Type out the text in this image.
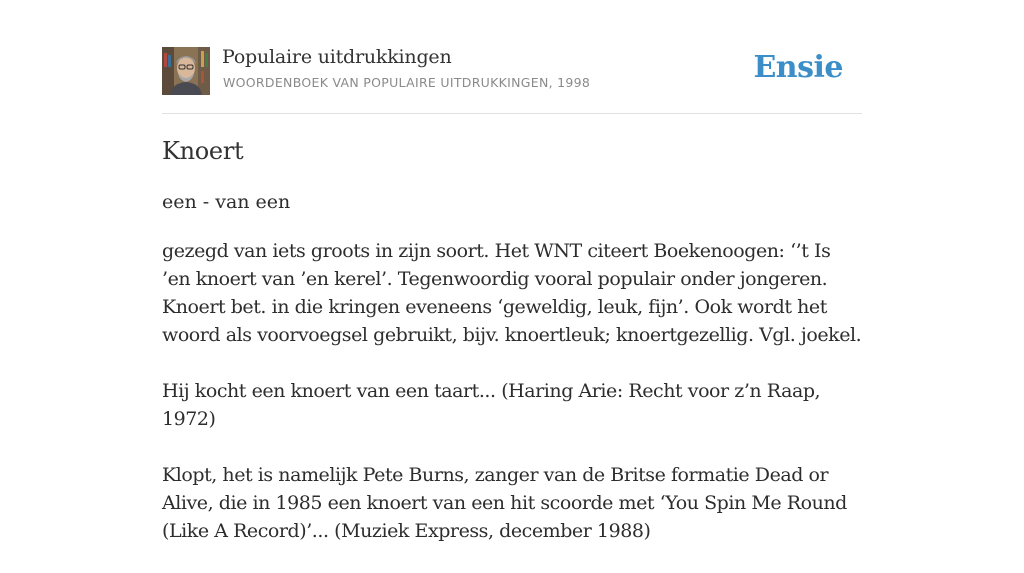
Populaire uitdrukkingen
WOORDENBOEK VAN POPULAIRE UITDRUKKINGEN, 1998	Ensie
Knoert
een - van een

gezegd van iets groots in zijn soort. Het WNT citeert Boekenoogen: ‘’t Is ’en knoert van ’en kerel’. Tegenwoordig vooral populair onder jongeren. Knoert bet. in die kringen eveneens ‘geweldig, leuk, fijn’. Ook wordt het woord als voorvoegsel gebruikt, bijv. knoertleuk; knoertgezellig. Vgl. joekel.

Hij kocht een knoert van een taart... (Haring Arie: Recht voor z’n Raap, 1972)

Klopt, het is namelijk Pete Burns, zanger van de Britse formatie Dead or Alive, die in 1985 een knoert van een hit scoorde met ‘You Spin Me Round (Like A Record)’... (Muziek Express, december 1988)
